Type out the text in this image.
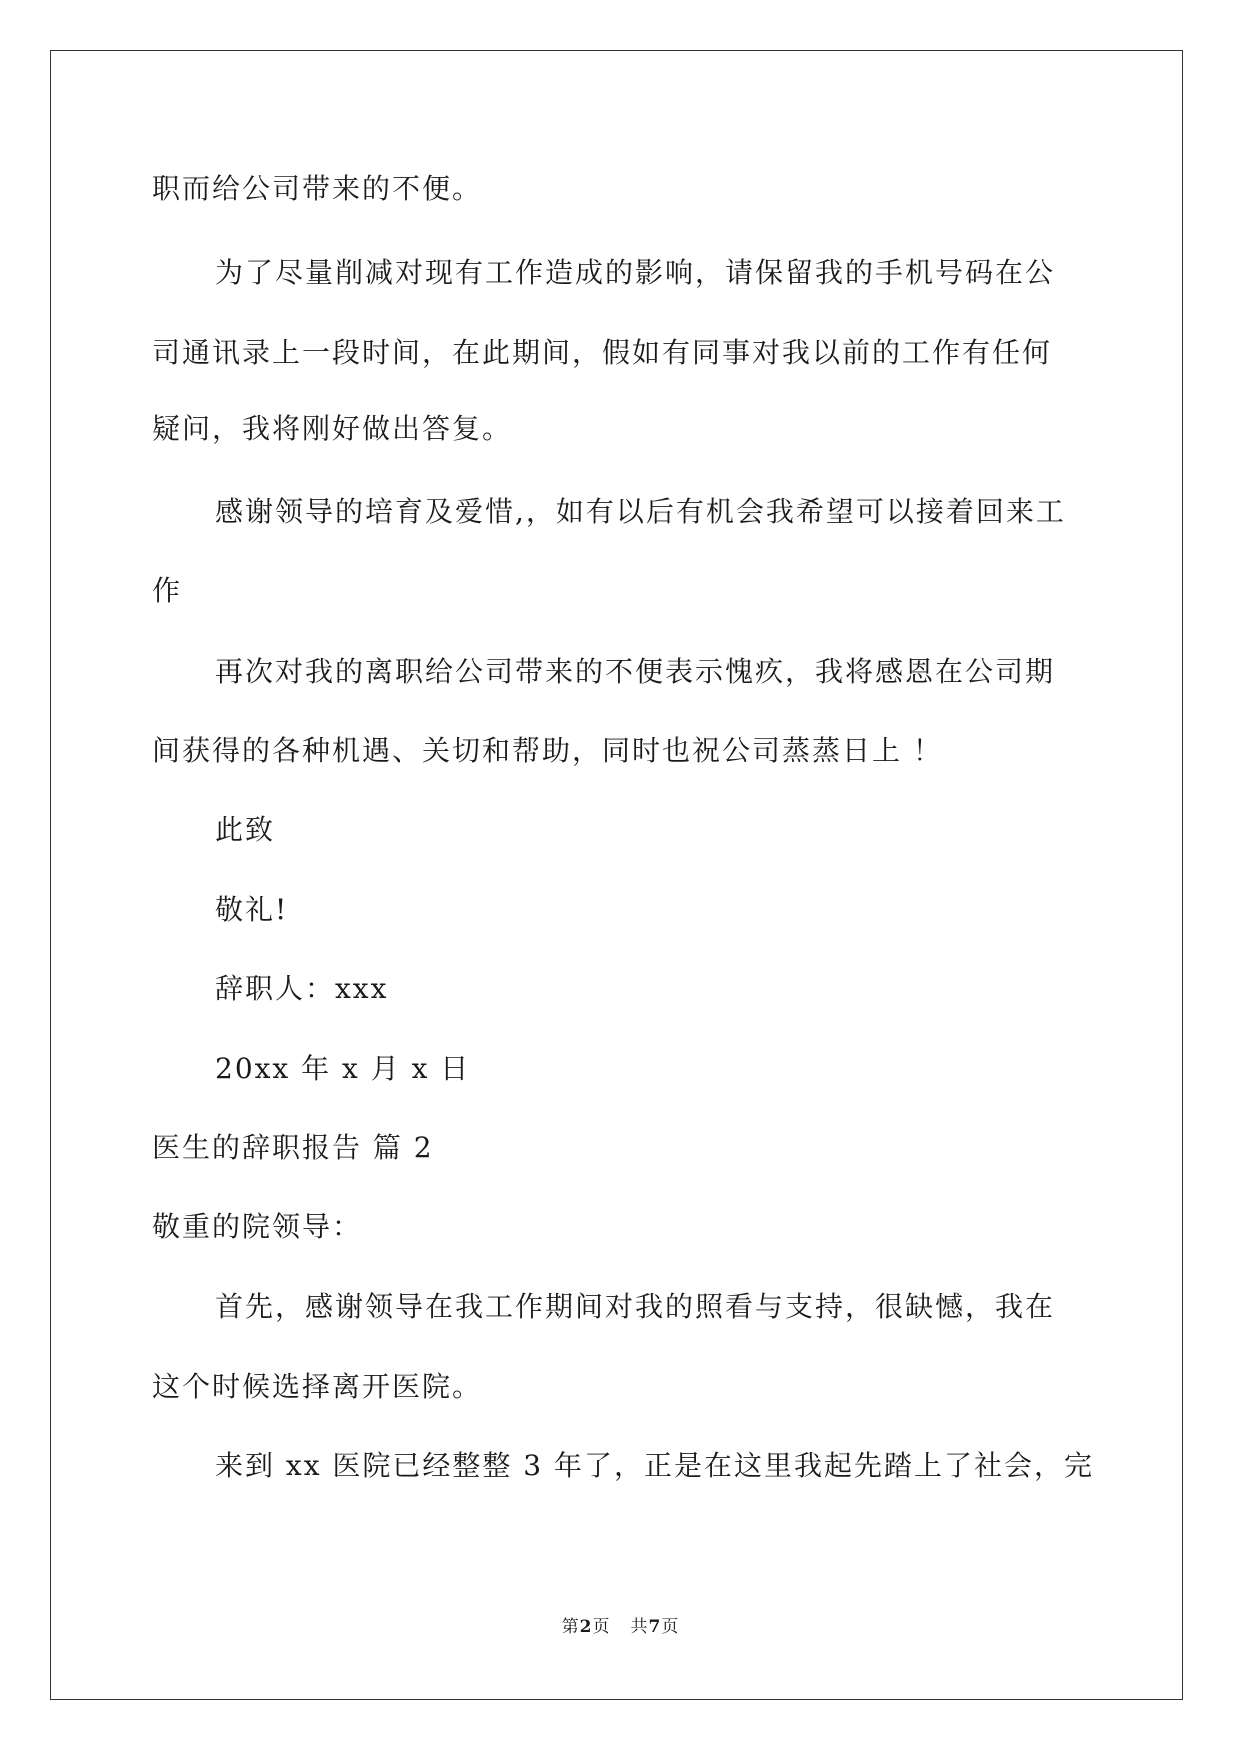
职而给公司带来的不便。
为了尽量削减对现有工作造成的影响，请保留我的手机号码在公
司通讯录上一段时间，在此期间，假如有同事对我以前的工作有任何
疑问，我将刚好做出答复。
感谢领导的培育及爱惜,，如有以后有机会我希望可以接着回来工
作
再次对我的离职给公司带来的不便表示愧疚，我将感恩在公司期
间获得的各种机遇、关切和帮助，同时也祝公司蒸蒸日上 ！
此致
敬礼!
辞职人：xxx
20xx 年 x 月 x 日
医生的辞职报告 篇 2
敬重的院领导：
首先，感谢领导在我工作期间对我的照看与支持，很缺憾，我在
这个时候选择离开医院。
来到 xx 医院已经整整 3 年了，正是在这里我起先踏上了社会，完
第2页 共7页
